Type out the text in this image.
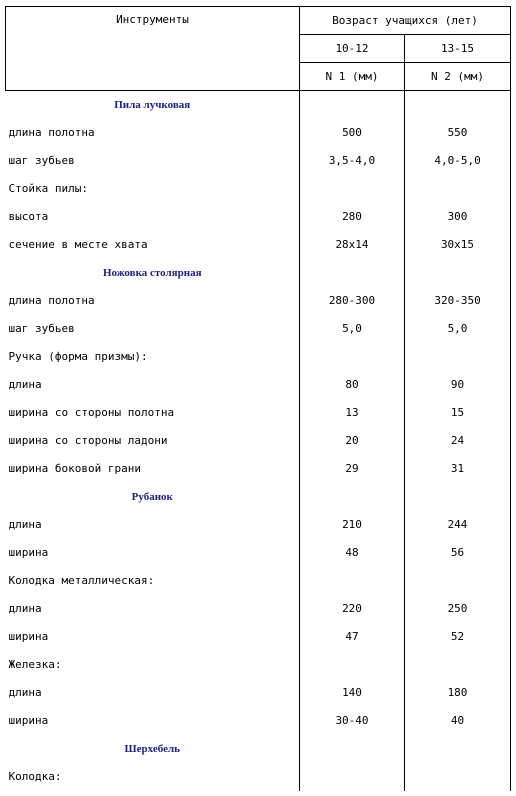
Инструменты	Возраст учащихся (лет)	
	10-12	13-15
	N 1 (мм)	N 2 (мм)
Пила лучковая		
длина полотна	500	550
шаг зубьев	3,5-4,0	4,0-5,0
Стойка пилы:		
высота	280	300
сечение в месте хвата	28x14	30x15
Ножовка столярная		
длина полотна	280-300	320-350
шаг зубьев	5,0	5,0
Ручка (форма призмы):		
длина	80	90
ширина со стороны полотна	13	15
ширина со стороны ладони	20	24
ширина боковой грани	29	31
Рубанок		
длина	210	244
ширина	48	56
Колодка металлическая:		
длина	220	250
ширина	47	52
Железка:		
длина	140	180
ширина	30-40	40
Шерхебель		
Колодка:		
